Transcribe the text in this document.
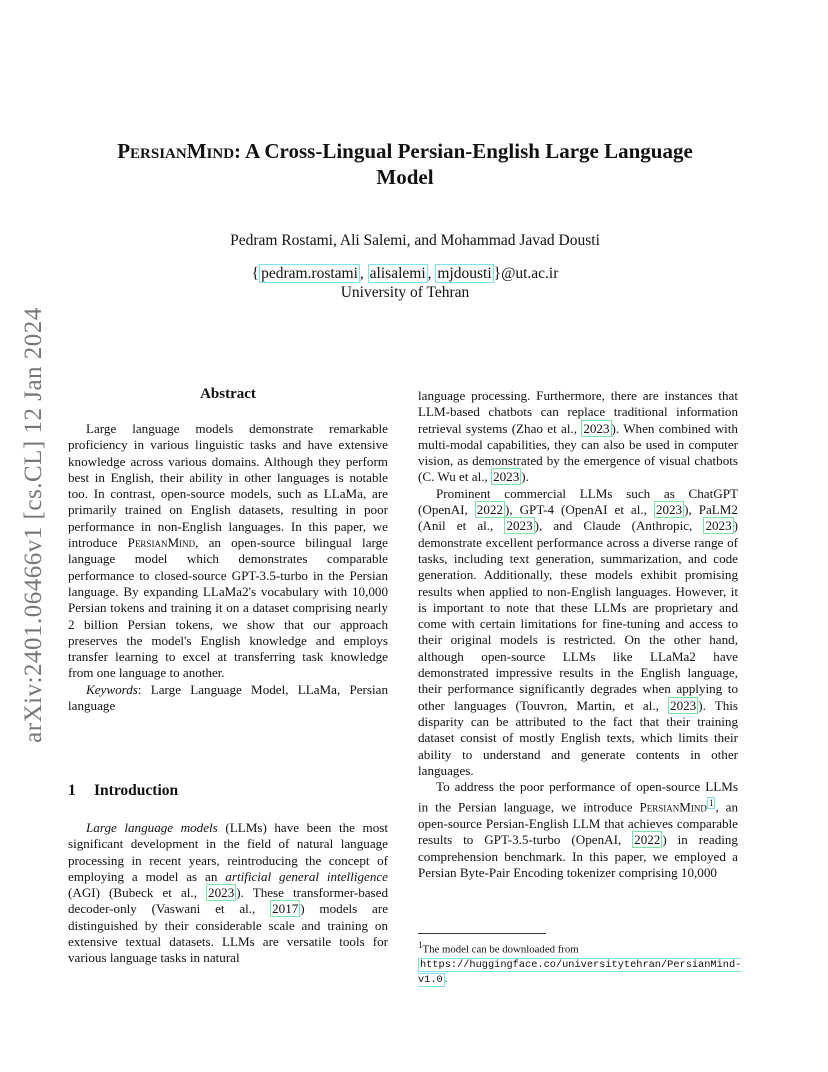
arXiv:2401.06466v1 [cs.CL] 12 Jan 2024
PersianMind: A Cross-Lingual Persian-English Large Language Model
Pedram Rostami, Ali Salemi, and Mohammad Javad Dousti
{ pedram.rostami , alisalemi , mjdousti }@ut.ac.ir
University of Tehran
Abstract

Large language models demonstrate remarkable proficiency in various linguistic tasks and have extensive knowledge across various domains. Although they perform best in English, their ability in other languages is notable too. In contrast, open-source models, such as LLaMa, are primarily trained on English datasets, resulting in poor performance in non-English languages. In this paper, we introduce PersianMind, an open-source bilingual large language model which demonstrates comparable performance to closed-source GPT-3.5-turbo in the Persian language. By expanding LLaMa2's vocabulary with 10,000 Persian tokens and training it on a dataset comprising nearly 2 billion Persian tokens, we show that our approach preserves the model's English knowledge and employs transfer learning to excel at transferring task knowledge from one language to another.

Keywords: Large Language Model, LLaMa, Persian language

1 Introduction

Large language models (LLMs) have been the most significant development in the field of natural language processing in recent years, reintroducing the concept of employing a model as an artificial general intelligence (AGI) (Bubeck et al., 2023 ). These transformer-based decoder-only (Vaswani et al., 2017 ) models are distinguished by their considerable scale and training on extensive textual datasets. LLMs are versatile tools for various language tasks in natural

language processing. Furthermore, there are instances that LLM-based chatbots can replace traditional information retrieval systems (Zhao et al., 2023 ). When combined with multi-modal capabilities, they can also be used in computer vision, as demonstrated by the emergence of visual chatbots (C. Wu et al., 2023 ).

Prominent commercial LLMs such as ChatGPT (OpenAI, 2022 ), GPT-4 (OpenAI et al., 2023 ), PaLM2 (Anil et al., 2023 ), and Claude (Anthropic, 2023 ) demonstrate excellent performance across a diverse range of tasks, including text generation, summarization, and code generation. Additionally, these models exhibit promising results when applied to non-English languages. However, it is important to note that these LLMs are proprietary and come with certain limitations for fine-tuning and access to their original models is restricted. On the other hand, although open-source LLMs like LLaMa2 have demonstrated impressive results in the English language, their performance significantly degrades when applying to other languages (Touvron, Martin, et al., 2023 ). This disparity can be attributed to the fact that their training dataset consist of mostly English texts, which limits their ability to understand and generate contents in other languages.

To address the poor performance of open-source LLMs in the Persian language, we introduce PersianMind $^1$ , an open-source Persian-English LLM that achieves comparable results to GPT-3.5-turbo (OpenAI, 2022 ) in reading comprehension benchmark. In this paper, we employed a Persian Byte-Pair Encoding tokenizer comprising 10,000

$^1$The model can be downloaded from https://huggingface.co/universitytehran/PersianMind-v1.0 .
